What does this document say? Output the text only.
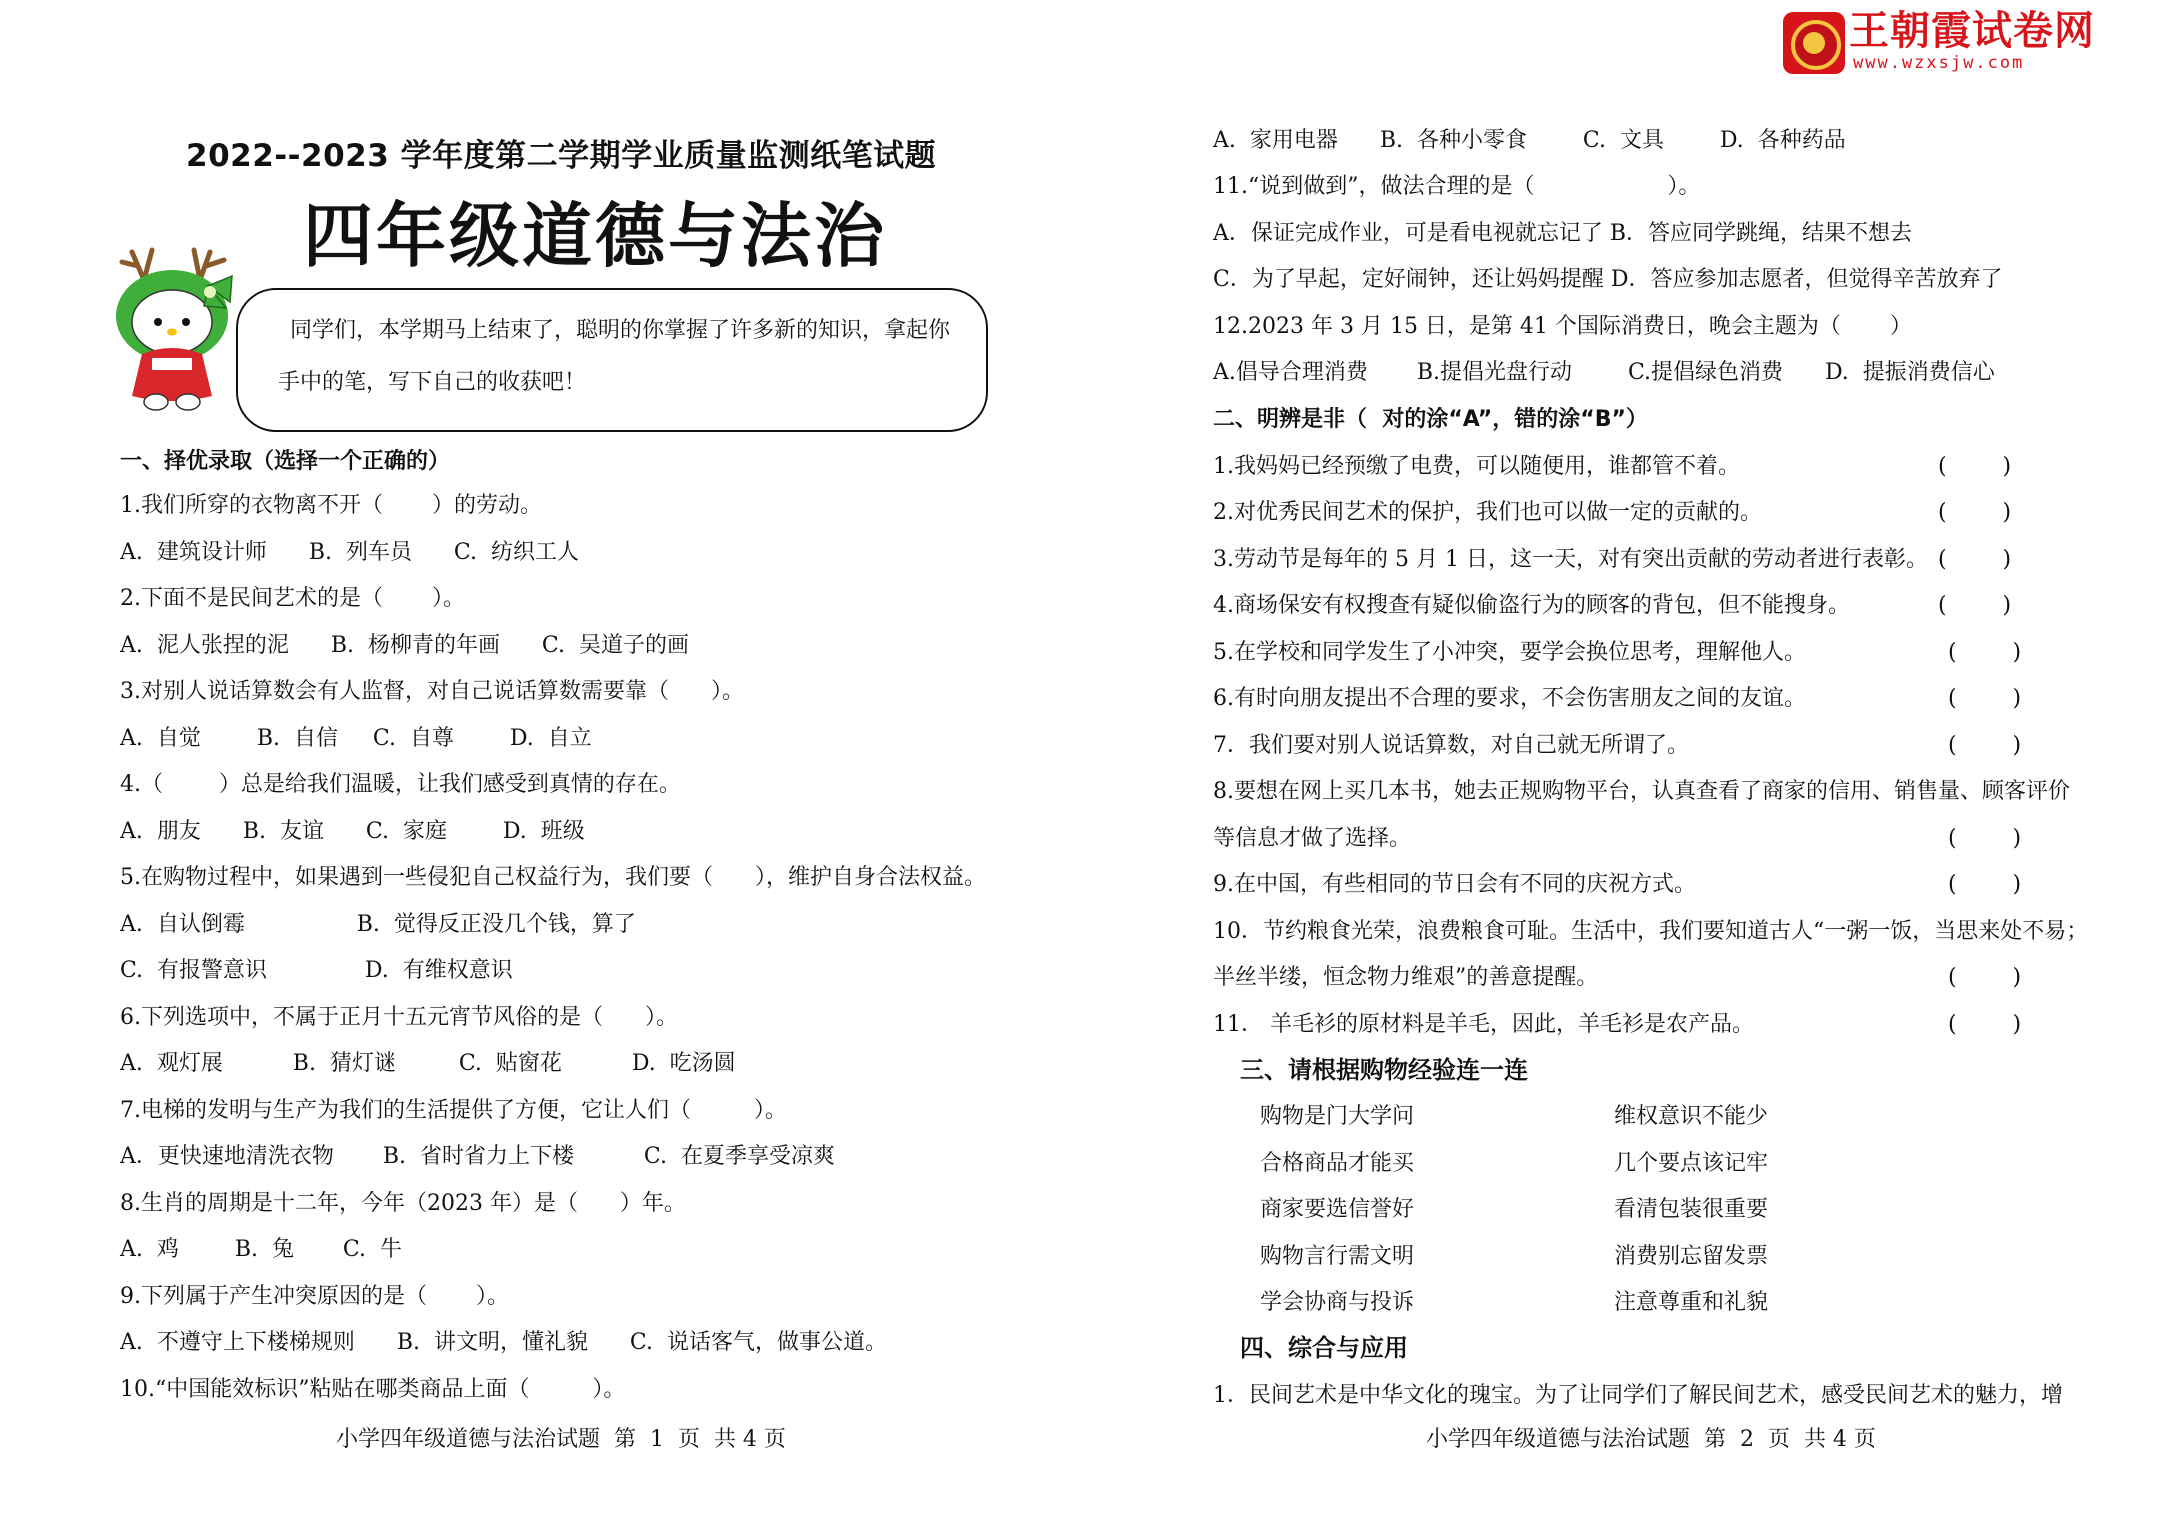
王朝霞试卷网
www.wzxsjw.com
2022--2023 学年度第二学期学业质量监测纸笔试题
四年级道德与法治

同学们，本学期马上结束了，聪明的你掌握了许多新的知识，拿起你

手中的笔，写下自己的收获吧！

一、择优录取（选择一个正确的）
1.我们所穿的衣物离不开（       ）的劳动。
A.  建筑设计师      B.  列车员      C.  纺织工人
2.下面不是民间艺术的是（       ）。
A.  泥人张捏的泥      B.  杨柳青的年画      C.  吴道子的画
3.对别人说话算数会有人监督，对自己说话算数需要靠（      ）。
A.  自觉        B.  自信     C.  自尊        D.  自立
4.（        ）总是给我们温暖，让我们感受到真情的存在。
A.  朋友      B.  友谊      C.  家庭        D.  班级
5.在购物过程中，如果遇到一些侵犯自己权益行为，我们要（      ），维护自身合法权益。
A.  自认倒霉                B.  觉得反正没几个钱，算了
C.  有报警意识              D.  有维权意识
6.下列选项中，不属于正月十五元宵节风俗的是（      ）。
A.  观灯展          B.  猜灯谜         C.  贴窗花          D.  吃汤圆
7.电梯的发明与生产为我们的生活提供了方便，它让人们（         ）。
A．更快速地清洗衣物       B.  省时省力上下楼          C.  在夏季享受凉爽
8.生肖的周期是十二年，今年（2023 年）是（      ）年。
A.  鸡        B.  兔       C.  牛
9.下列属于产生冲突原因的是（       ）。
A.  不遵守上下楼梯规则      B.  讲文明，懂礼貌      C.  说话客气，做事公道。
10.“中国能效标识”粘贴在哪类商品上面（         ）。
小学四年级道德与法治试题  第  1  页  共 4 页
A.  家用电器      B.  各种小零食        C.  文具        D.  各种药品
11.“说到做到”，做法合理的是（                   ）。
A．保证完成作业，可是看电视就忘记了 B．答应同学跳绳，结果不想去
C．为了早起，定好闹钟，还让妈妈提醒 D．答应参加志愿者，但觉得辛苦放弃了
12.2023 年 3 月 15 日，是第 41 个国际消费日，晚会主题为（       ）
A.倡导合理消费       B.提倡光盘行动        C.提倡绿色消费      D.  提振消费信心
二、明辨是非（  对的涂“A”，错的涂“B”）
1.我妈妈已经预缴了电费，可以随便用，谁都管不着。	(        )
2.对优秀民间艺术的保护，我们也可以做一定的贡献的。	(        )
3.劳动节是每年的 5 月 1 日，这一天，对有突出贡献的劳动者进行表彰。 (        )
4.商场保安有权搜查有疑似偷盗行为的顾客的背包，但不能搜身。	(        )
5.在学校和同学发生了小冲突，要学会换位思考，理解他人。	(        )
6.有时向朋友提出不合理的要求，不会伤害朋友之间的友谊。	(        )
7．我们要对别人说话算数，对自己就无所谓了。	(        )
8.要想在网上买几本书，她去正规购物平台，认真查看了商家的信用、销售量、顾客评价
等信息才做了选择。	(        )
9.在中国，有些相同的节日会有不同的庆祝方式。	(        )
10．节约粮食光荣，浪费粮食可耻。生活中，我们要知道古人“一粥一饭，当思来处不易；
半丝半缕，恒念物力维艰”的善意提醒。	(        )
11． 羊毛衫的原材料是羊毛，因此，羊毛衫是农产品。	(        )
三、请根据购物经验连一连
购物是门大学问	维权意识不能少
合格商品才能买	几个要点该记牢
商家要选信誉好	看清包装很重要
购物言行需文明	消费别忘留发票
学会协商与投诉	注意尊重和礼貌
四、综合与应用
1．民间艺术是中华文化的瑰宝。为了让同学们了解民间艺术，感受民间艺术的魅力，增
小学四年级道德与法治试题  第  2  页  共 4 页
